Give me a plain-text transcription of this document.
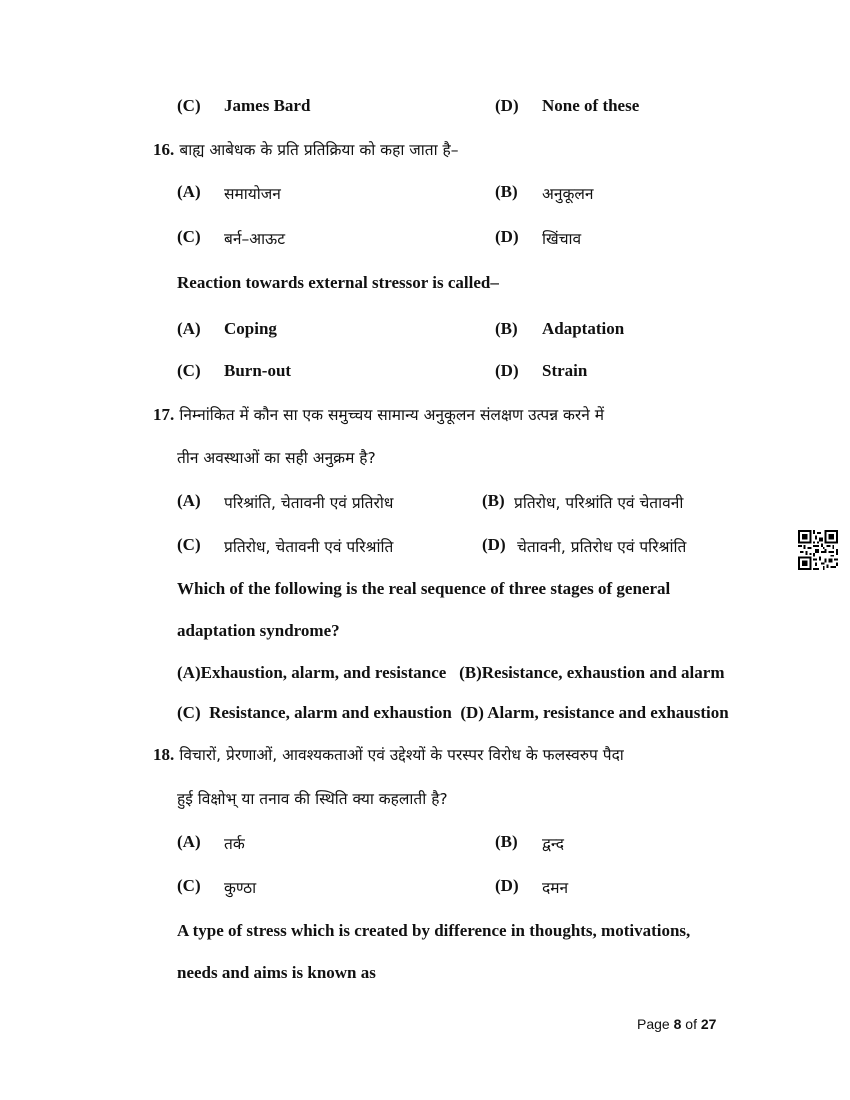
(C) James Bard	(D) None of these
16. बाह्य आबेधक के प्रति प्रतिक्रिया को कहा जाता है–
(A) समायोजन	(B) अनुकूलन
(C) बर्न–आऊट	(D) खिंचाव
Reaction towards external stressor is called–
(A) Coping	(B) Adaptation
(C) Burn-out	(D) Strain
17. निम्नांकित में कौन सा एक समुच्चय सामान्य अनुकूलन संलक्षण उत्पन्न करने में
तीन अवस्थाओं का सही अनुक्रम है?
(A) परिश्रांति, चेतावनी एवं प्रतिरोध	(B) प्रतिरोध, परिश्रांति एवं चेतावनी
(C) प्रतिरोध, चेतावनी एवं परिश्रांति	(D) चेतावनी, प्रतिरोध एवं परिश्रांति
Which of the following is the real sequence of three stages of general
adaptation syndrome?
(A)Exhaustion, alarm, and resistance   (B)Resistance, exhaustion and alarm
(C)  Resistance, alarm and exhaustion  (D) Alarm, resistance and exhaustion
18. विचारों, प्रेरणाओं, आवश्यकताओं एवं उद्देश्यों के परस्पर विरोध के फलस्वरुप पैदा
हुई विक्षोभ् या तनाव की स्थिति क्या कहलाती है?
(A) तर्क	(B) द्वन्द
(C) कुण्ठा	(D) दमन
A type of stress which is created by difference in thoughts, motivations,
needs and aims is known as
Page 8 of 27
